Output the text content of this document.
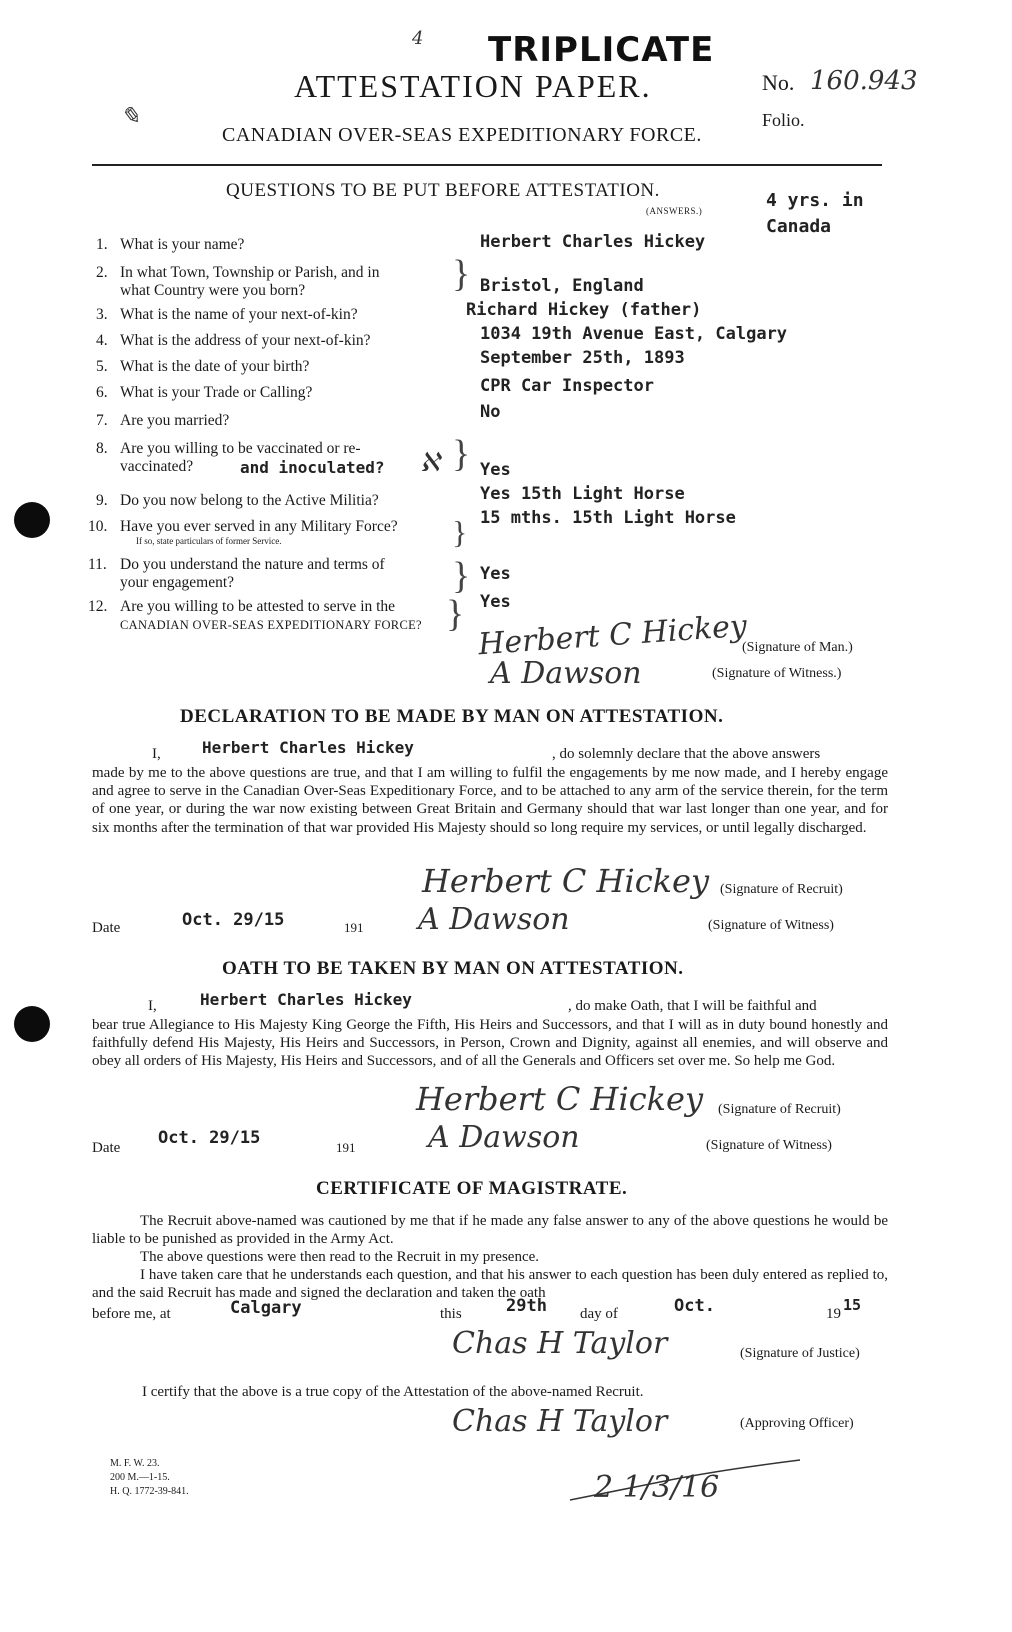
4 TRIPLICATE
ATTESTATION PAPER.
CANADIAN OVER-SEAS EXPEDITIONARY FORCE.
No. 160.943
Folio.
✎
QUESTIONS TO BE PUT BEFORE ATTESTATION.
(ANSWERS.)	4 yrs. in
Canada
1. What is your name?	Herbert Charles Hickey
2. In what Town, Township or Parish, and in
what Country were you born?	Bristol, England
3. What is the name of your next-of-kin?	Richard Hickey (father)
4. What is the address of your next-of-kin?	1034 19th Avenue East, Calgary
5. What is the date of your birth?	September 25th, 1893
6. What is your Trade or Calling?	CPR Car Inspector
7. Are you married?	No
8. Are you willing to be vaccinated or re-
vaccinated?	and inoculated?	Yes
9. Do you now belong to the Active Militia?	Yes 15th Light Horse
10. Have you ever served in any Military Force?
If so, state particulars of former Service.
15 mths. 15th Light Horse
11. Do you understand the nature and terms of
your engagement?	Yes
12. Are you willing to be attested to serve in the
CANADIAN OVER-SEAS EXPEDITIONARY FORCE?
Yes
}
}
}
}
}
ℵ
Herbert C Hickey
(Signature of Man.)
A Dawson	(Signature of Witness.)
DECLARATION TO BE MADE BY MAN ON ATTESTATION.
I,	Herbert Charles Hickey	, do solemnly declare that the above answers
made by me to the above questions are true, and that I am willing to fulfil the engagements by me now made, and I hereby engage and agree to serve in the Canadian Over-Seas Expeditionary Force, and to be attached to any arm of the service therein, for the term of one year, or during the war now existing between Great Britain and Germany should that war last longer than one year, and for six months after the termination of that war provided His Majesty should so long require my services, or until legally discharged.
Herbert C Hickey (Signature of Recruit)
Date	Oct. 29/15	191 A Dawson	(Signature of Witness)
OATH TO BE TAKEN BY MAN ON ATTESTATION.
I,	Herbert Charles Hickey	, do make Oath, that I will be faithful and
bear true Allegiance to His Majesty King George the Fifth, His Heirs and Successors, and that I will as in duty bound honestly and faithfully defend His Majesty, His Heirs and Successors, in Person, Crown and Dignity, against all enemies, and will observe and obey all orders of His Majesty, His Heirs and Successors, and of all the Generals and Officers set over me. So help me God.
Herbert C Hickey (Signature of Recruit)
Date Oct. 29/15	191 A Dawson	(Signature of Witness)
CERTIFICATE OF MAGISTRATE.
The Recruit above-named was cautioned by me that if he made any false answer to any of the above questions he would be liable to be punished as provided in the Army Act.
The above questions were then read to the Recruit in my presence.
I have taken care that he understands each question, and that his answer to each question has been duly entered as replied to, and the said Recruit has made and signed the declaration and taken the oath
before me, at	Calgary	this	29th day of	Oct.	19 15
Chas H Taylor	(Signature of Justice)
I certify that the above is a true copy of the Attestation of the above-named Recruit.
Chas H Taylor	(Approving Officer)
M. F. W. 23.
200 M.—1-15.
H. Q. 1772-39-841.	2 1/3/16
